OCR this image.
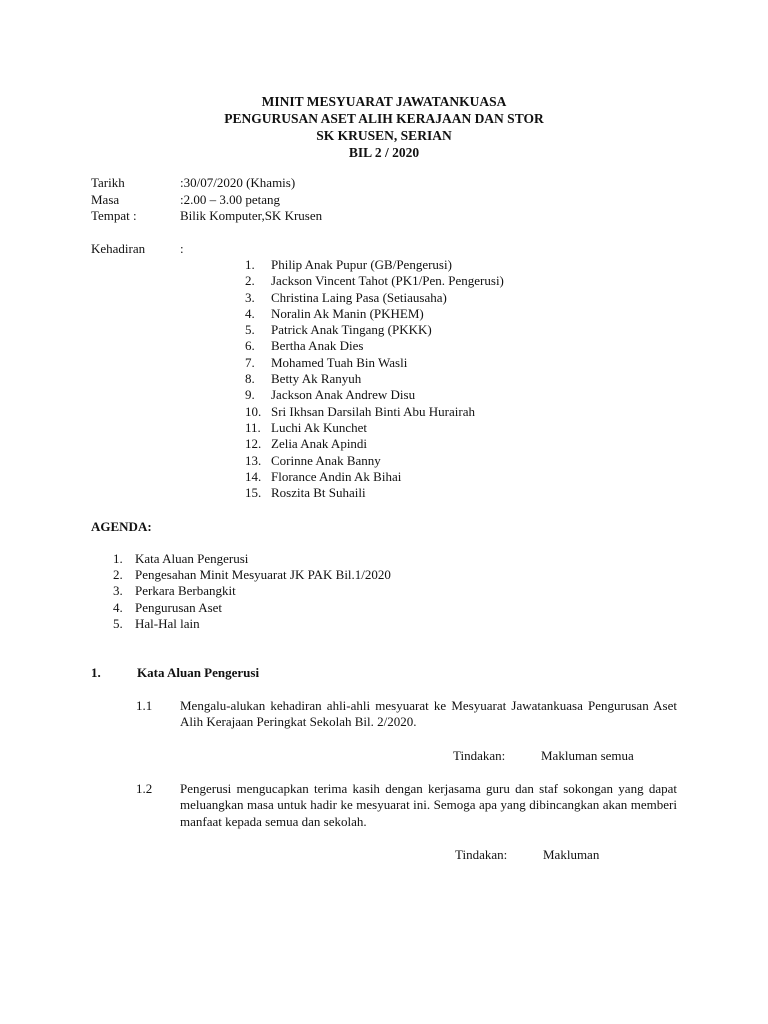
MINIT MESYUARAT JAWATANKUASA
PENGURUSAN ASET ALIH KERAJAAN DAN STOR
SK KRUSEN, SERIAN
BIL 2 / 2020
Tarikh	:30/07/2020 (Khamis)
Masa	:2.00 – 3.00 petang
Tempat :	Bilik Komputer,SK Krusen
Kehadiran	:
1. Philip Anak Pupur (GB/Pengerusi)
2. Jackson Vincent Tahot (PK1/Pen. Pengerusi)
3. Christina Laing Pasa (Setiausaha)
4. Noralin Ak Manin (PKHEM)
5. Patrick Anak Tingang (PKKK)
6. Bertha Anak Dies
7. Mohamed Tuah Bin Wasli
8. Betty Ak Ranyuh
9. Jackson Anak Andrew Disu
10. Sri Ikhsan Darsilah Binti Abu Hurairah
11. Luchi Ak Kunchet
12. Zelia Anak Apindi
13. Corinne Anak Banny
14. Florance Andin Ak Bihai
15. Roszita Bt Suhaili
AGENDA:
1. Kata Aluan Pengerusi
2. Pengesahan Minit Mesyuarat JK PAK Bil.1/2020
3. Perkara Berbangkit
4. Pengurusan Aset
5. Hal-Hal lain
1.	Kata Aluan Pengerusi
1.1 Mengalu-alukan kehadiran ahli-ahli mesyuarat ke Mesyuarat Jawatankuasa Pengurusan Aset Alih Kerajaan Peringkat Sekolah Bil. 2/2020.
Tindakan:	Makluman semua
1.2 Pengerusi mengucapkan terima kasih dengan kerjasama guru dan staf sokongan yang dapat meluangkan masa untuk hadir ke mesyuarat ini. Semoga apa yang dibincangkan akan memberi manfaat kepada semua dan sekolah.
Tindakan:	Makluman
